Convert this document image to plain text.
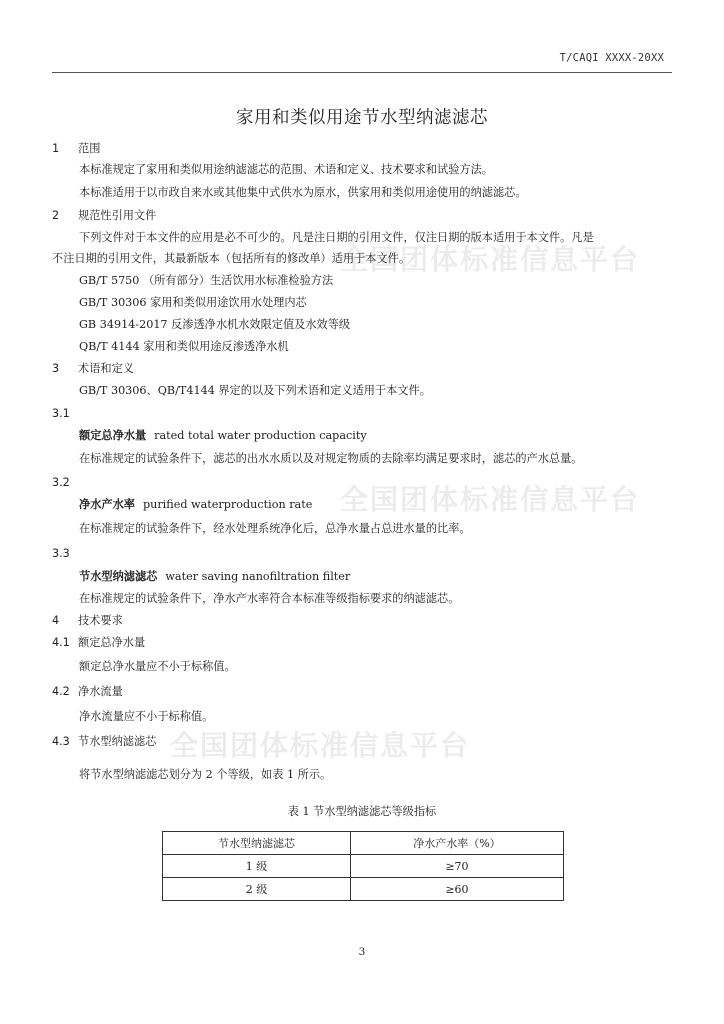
T/CAQI XXXX-20XX
全国团体标准信息平台
全国团体标准信息平台
全国团体标准信息平台
家用和类似用途节水型纳滤滤芯
1 范围
本标准规定了家用和类似用途纳滤滤芯的范围、术语和定义、技术要求和试验方法。
本标准适用于以市政自来水或其他集中式供水为原水，供家用和类似用途使用的纳滤滤芯。
2 规范性引用文件
下列文件对于本文件的应用是必不可少的。凡是注日期的引用文件，仅注日期的版本适用于本文件。凡是
不注日期的引用文件，其最新版本（包括所有的修改单）适用于本文件。
GB/T 5750 （所有部分）生活饮用水标准检验方法
GB/T 30306 家用和类似用途饮用水处理内芯
GB 34914-2017 反渗透净水机水效限定值及水效等级
QB/T 4144 家用和类似用途反渗透净水机
3 术语和定义
GB/T 30306、QB/T4144 界定的以及下列术语和定义适用于本文件。
3.1
额定总净水量 rated total water production capacity
在标准规定的试验条件下，滤芯的出水水质以及对规定物质的去除率均满足要求时，滤芯的产水总量。
3.2
净水产水率 purified waterproduction rate
在标准规定的试验条件下，经水处理系统净化后，总净水量占总进水量的比率。
3.3
节水型纳滤滤芯 water saving nanofiltration filter
在标准规定的试验条件下，净水产水率符合本标准等级指标要求的纳滤滤芯。
4 技术要求
4.1 额定总净水量
额定总净水量应不小于标称值。
4.2 净水流量
净水流量应不小于标称值。
4.3 节水型纳滤滤芯
将节水型纳滤滤芯划分为 2 个等级，如表 1 所示。
表 1 节水型纳滤滤芯等级指标
节水型纳滤滤芯	净水产水率（%）
1 级	≥70
2 级	≥60
3
